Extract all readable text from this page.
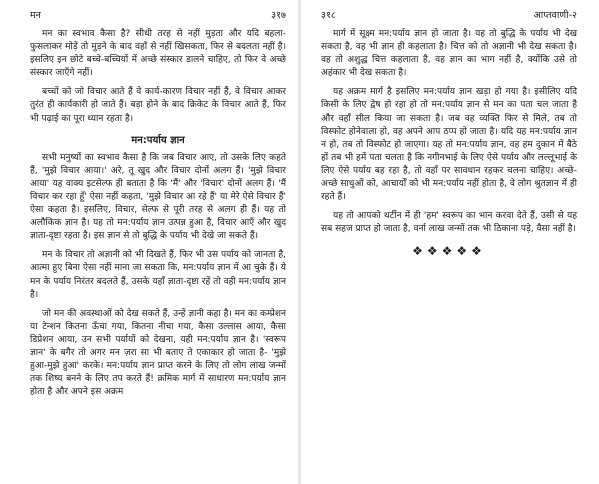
मन	३१७

मन का स्वभाव कैसा है? सीधी तरह से नहीं मुड़ता और यदि बहला-फुसलाकर मोड़ें तो मुड़ने के बाद वहाँ से नहीं खिसकता, फिर से बदलता नहीं है। इसलिए इन छोटे बच्चे-बच्चियों में अच्छे संस्कार डालने चाहिए, तो फिर वे अच्छे संस्कार जाएँगे नहीं।

बच्चों को जो विचार आते हैं वे कार्य-कारण विचार नहीं हैं, वे विचार आकर तुरंत ही कार्यकारी हो जाते हैं। बड़ा होने के बाद क्रिकेट के विचार आते हैं, फिर भी पढ़ाई का पूरा ध्यान रहता है।

मन:पर्याय ज्ञान

सभी मनुष्यों का स्वभाव कैसा है कि जब विचार आए, तो उसके लिए कहते हैं, 'मुझे विचार आया।' अरे, तू खुद और विचार दोनों अलग हैं। 'मुझे विचार आया' यह वाक्य इटसेल्फ ही बताता है कि 'मैं' और 'विचार' दोनों अलग हैं। 'मैं विचार कर रहा हूँ' ऐसा नहीं कहता, 'मुझे विचार आ रहे हैं' या मेरे ऐसे विचार हैं' ऐसा कहता है। इसलिए, विचार, सेल्फ से पूरी तरह से अलग ही हैं। यह तो अलौकिक ज्ञान है। यह तो मन:पर्याय ज्ञान उत्पन्न हुआ है, विचार आएँ और खुद ज्ञाता-दृष्टा रहता है। इस ज्ञान से तो बुद्धि के पर्याय भी देखे जा सकते हैं।

मन के विचार तो अज्ञानी को भी दिखते हैं, फिर भी उस पर्याय को जानता है, आत्मा हुए बिना ऐसा नहीं माना जा सकता कि, मन:पर्याय ज्ञान में आ चुके हैं। ये मन के पर्याय निरंतर बदलते हैं, उसके यहाँ ज्ञाता-दृष्टा रहें तो वही मन:पर्याय ज्ञान है।

जो मन की अवस्थाओं को देख सकते हैं, उन्हें ज्ञानी कहा है। मन का कम्प्रेशन या टेन्शन कितना ऊँचा गया, कितना नीचा गया, कैसा उल्लास आया, कैसा डिप्रेशन आया, उन सभी पर्यायों को देखना, यही मन:पर्याय ज्ञान है। 'स्वरूप ज्ञान' के बगैर तो अगर मन ज़रा सा भी बताए ते एकाकार हो जाता है- 'मुझे हुआ-मुझे हुआ' करके। मन:पर्याय ज्ञान प्राप्त करने के लिए तो लोग लाख जन्मों तक शिष्य बनने के लिए तप करते हैं! क्रमिक मार्ग में साधारण मन:पर्याय ज्ञान होता है और अपने इस अक्रम

३१८	आप्तवाणी-२

मार्ग में सूक्ष्म मन:पर्याय ज्ञान हो जाता है। यह तो बुद्धि के पर्याय भी देख सकता है, वह भी ज्ञान ही कहलाता है। चित्त को तो अज्ञानी भी देख सकता है। वह तो अशुद्ध चित्त कहलाता है, वह ज्ञान का भाग नहीं है, क्योंकि उसे तो अहंकार भी देख सकता है।

यह अक्रम मार्ग है इसलिए मन:पर्याय ज्ञान खड़ा हो गया है। इसीलिए यदि किसी के लिए द्वेष हो रहा हो तो मन:पर्याय ज्ञान से मन का पता चल जाता है और वहाँ सील किया जा सकता है। जब वह व्यक्ति फिर से मिले, तब तो विस्फोट होनेवाला हो, वह अपने आप ठप्प हो जाता है। यदि यह मन:पर्याय ज्ञान न हो, तब तो विस्फोट हो जाएगा। यह तो मन:पर्याय ज्ञान, वह हम दुकान में बैठे हों तब भी हमें पता चलता है कि नगीनभाई के लिए ऐसे पर्याय और लल्लूभाई के लिए ऐसे पर्याय बह रहा है, तो वहाँ पर सावधान रहकर चलना चाहिए। अच्छे-अच्छे साधुओं को, आचार्यों को भी मन:पर्याय नहीं होता है, वे लोग श्रुतज्ञान में ही रहते हैं।

यह तो आपको थर्टीन में ही 'हम' स्वरूप का भान करवा देते हैं, उसी से यह सब सहज प्राप्त हो जाता है, वर्ना लाख जन्मों तक भी ठिकाना पड़े, वैसा नहीं है।

❖❖❖❖❖
